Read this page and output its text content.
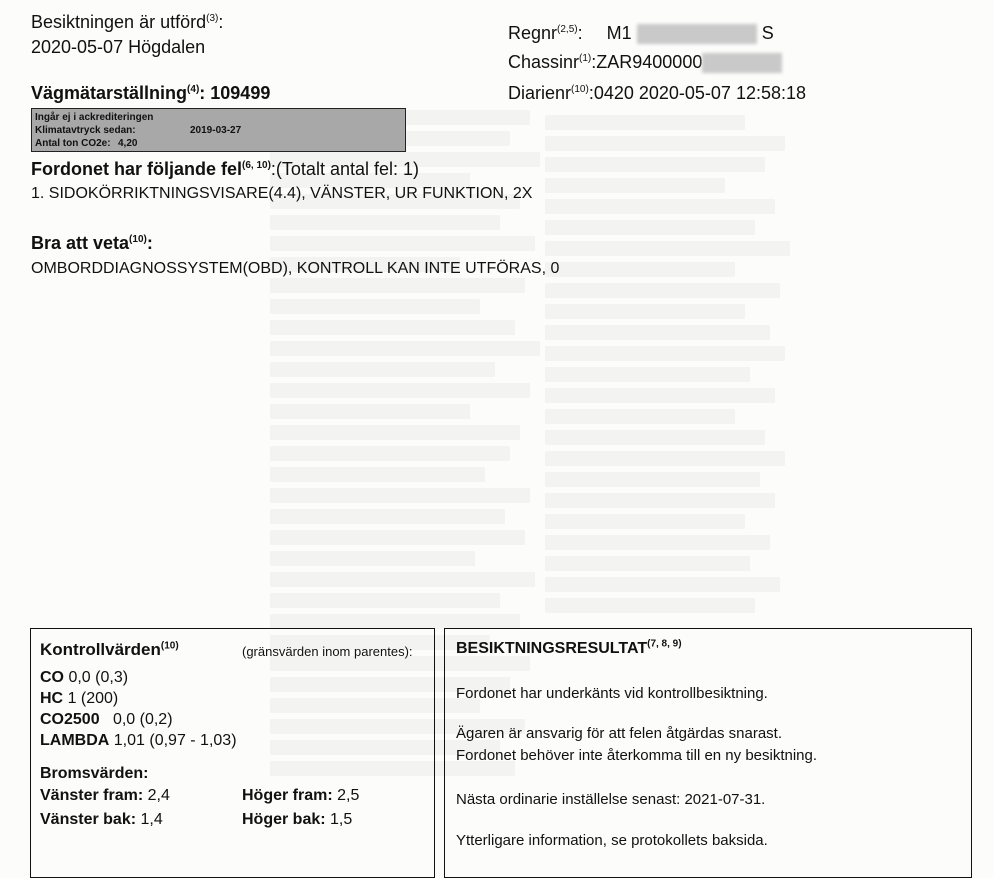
Besiktningen är utförd$^{(3)}$:
2020-05-07 Högdalen
Regnr$^{(2,5)}$: M1	S
Chassinr$^{(1)}$:ZAR9400000
Diarienr$^{(10)}$:0420 2020-05-07 12:58:18
Vägmätarställning$^{(4)}$: 109499
Ingår ej i ackrediteringen
Klimatavtryck sedan:	2019-03-27
Antal ton CO2e: 4,20
Fordonet har följande fel$^{(6, 10)}$:(Totalt antal fel: 1)
1. SIDOKÖRRIKTNINGSVISARE(4.4), VÄNSTER, UR FUNKTION, 2X
Bra att veta$^{(10)}$:
OMBORDDIAGNOSSYSTEM(OBD), KONTROLL KAN INTE UTFÖRAS, 0
Kontrollvärden$^{(10)}$	(gränsvärden inom parentes):
CO 0,0 (0,3)
HC 1 (200)
CO2500 0,0 (0,2)
LAMBDA 1,01 (0,97 - 1,03)
Bromsvärden:
Vänster fram: 2,4	Höger fram: 2,5
Vänster bak: 1,4	Höger bak: 1,5
BESIKTNINGSRESULTAT$^{(7, 8, 9)}$
Fordonet har underkänts vid kontrollbesiktning.
Ägaren är ansvarig för att felen åtgärdas snarast.
Fordonet behöver inte återkomma till en ny besiktning.
Nästa ordinarie inställelse senast: 2021-07-31.
Ytterligare information, se protokollets baksida.
